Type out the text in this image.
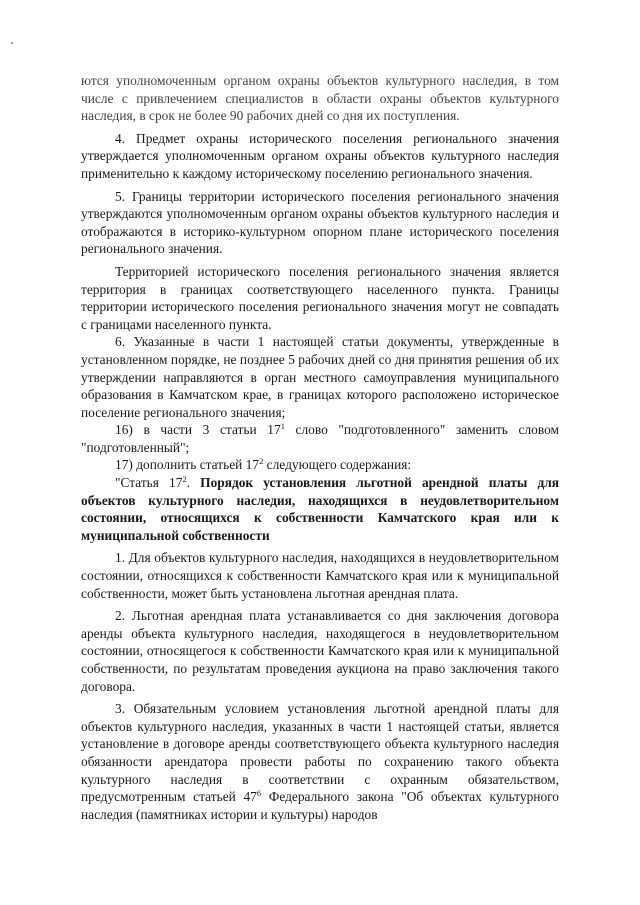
ются уполномоченным органом охраны объектов культурного наследия, в том числе с привлечением специалистов в области охраны объектов культурного наследия, в срок не более 90 рабочих дней со дня их поступления.

4. Предмет охраны исторического поселения регионального значения утверждается уполномоченным органом охраны объектов культурного наследия применительно к каждому историческому поселению регионального значения.

5. Границы территории исторического поселения регионального значения утверждаются уполномоченным органом охраны объектов культурного наследия и отображаются в историко-культурном опорном плане исторического поселения регионального значения.

Территорией исторического поселения регионального значения является территория в границах соответствующего населенного пункта. Границы территории исторического поселения регионального значения могут не совпадать с границами населенного пункта.

6. Указанные в части 1 настоящей статьи документы, утвержденные в установленном порядке, не позднее 5 рабочих дней со дня принятия решения об их утверждении направляются в орган местного самоуправления муниципального образования в Камчатском крае, в границах которого расположено историческое поселение регионального значения;

16) в части 3 статьи $17^1$ слово "подготовленного" заменить словом "подготовленный";

17) дополнить статьей $17^2$ следующего содержания:

"Статья $17^2$. Порядок установления льготной арендной платы для объектов культурного наследия, находящихся в неудовлетворительном состоянии, относящихся к собственности Камчатского края или к муниципальной собственности

1. Для объектов культурного наследия, находящихся в неудовлетворительном состоянии, относящихся к собственности Камчатского края или к муниципальной собственности, может быть установлена льготная арендная плата.

2. Льготная арендная плата устанавливается со дня заключения договора аренды объекта культурного наследия, находящегося в неудовлетворительном состоянии, относящегося к собственности Камчатского края или к муниципальной собственности, по результатам проведения аукциона на право заключения такого договора.

3. Обязательным условием установления льготной арендной платы для объектов культурного наследия, указанных в части 1 настоящей статьи, является установление в договоре аренды соответствующего объекта культурного наследия обязанности арендатора провести работы по сохранению такого объекта культурного наследия в соответствии с охранным обязательством, предусмотренным статьей $47^6$ Федерального закона "Об объектах культурного наследия (памятниках истории и культуры) народов
